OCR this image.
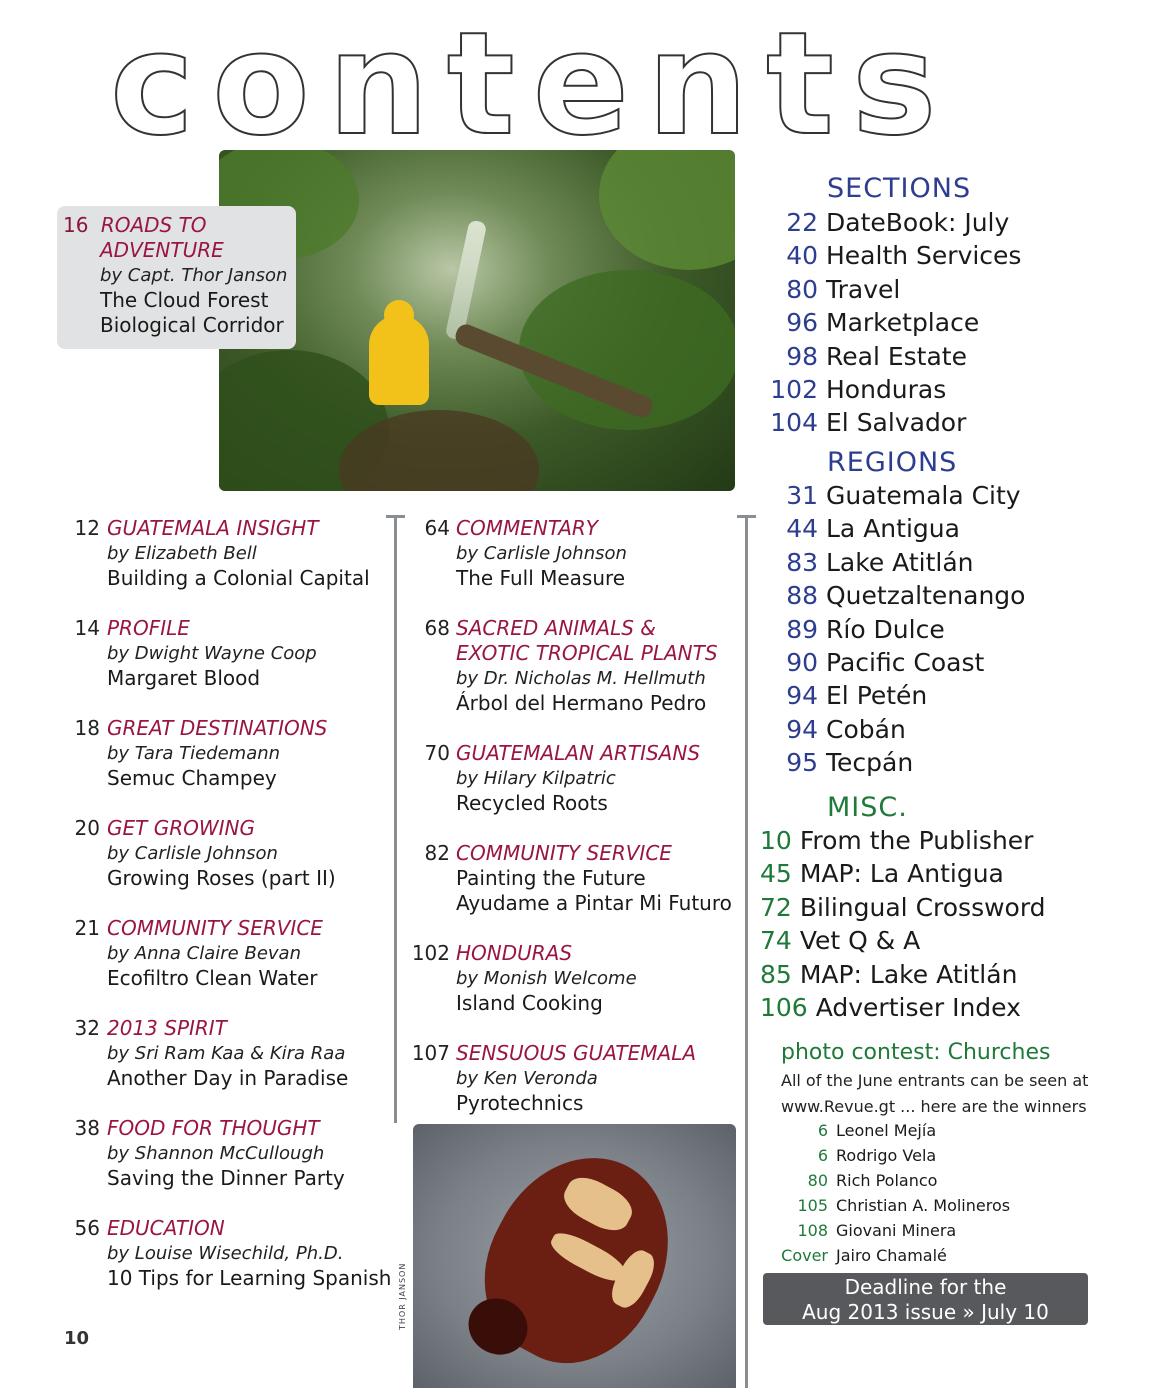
contents
16 ROADS TO
ADVENTURE
by Capt. Thor Janson
The Cloud Forest
Biological Corridor
12 GUATEMALA INSIGHT
by Elizabeth Bell
Building a Colonial Capital
14 PROFILE
by Dwight Wayne Coop
Margaret Blood
18 GREAT DESTINATIONS
by Tara Tiedemann
Semuc Champey
20 GET GROWING
by Carlisle Johnson
Growing Roses (part II)
21 COMMUNITY SERVICE
by Anna Claire Bevan
Ecofiltro Clean Water
32 2013 SPIRIT
by Sri Ram Kaa & Kira Raa
Another Day in Paradise
38 FOOD FOR THOUGHT
by Shannon McCullough
Saving the Dinner Party
56 EDUCATION
by Louise Wisechild, Ph.D.
10 Tips for Learning Spanish
64 COMMENTARY
by Carlisle Johnson
The Full Measure
68 SACRED ANIMALS &
EXOTIC TROPICAL PLANTS
by Dr. Nicholas M. Hellmuth
Árbol del Hermano Pedro
70 GUATEMALAN ARTISANS
by Hilary Kilpatric
Recycled Roots
82 COMMUNITY SERVICE
Painting the Future
Ayudame a Pintar Mi Futuro
102 HONDURAS
by Monish Welcome
Island Cooking
107 SENSUOUS GUATEMALA
by Ken Veronda
Pyrotechnics
THOR JANSON
SECTIONS
22 DateBook: July
40 Health Services
80 Travel
96 Marketplace
98 Real Estate
102 Honduras
104 El Salvador
REGIONS
31 Guatemala City
44 La Antigua
83 Lake Atitlán
88 Quetzaltenango
89 Río Dulce
90 Pacific Coast
94 El Petén
94 Cobán
95 Tecpán
MISC.
10 From the Publisher
45 MAP: La Antigua
72 Bilingual Crossword
74 Vet Q & A
85 MAP: Lake Atitlán
106 Advertiser Index
photo contest: Churches
All of the June entrants can be seen at
www.Revue.gt ... here are the winners
6 Leonel Mejía
6 Rodrigo Vela
80 Rich Polanco
105 Christian A. Molineros
108 Giovani Minera
Cover Jairo Chamalé
Deadline for the
Aug 2013 issue » July 10
10
